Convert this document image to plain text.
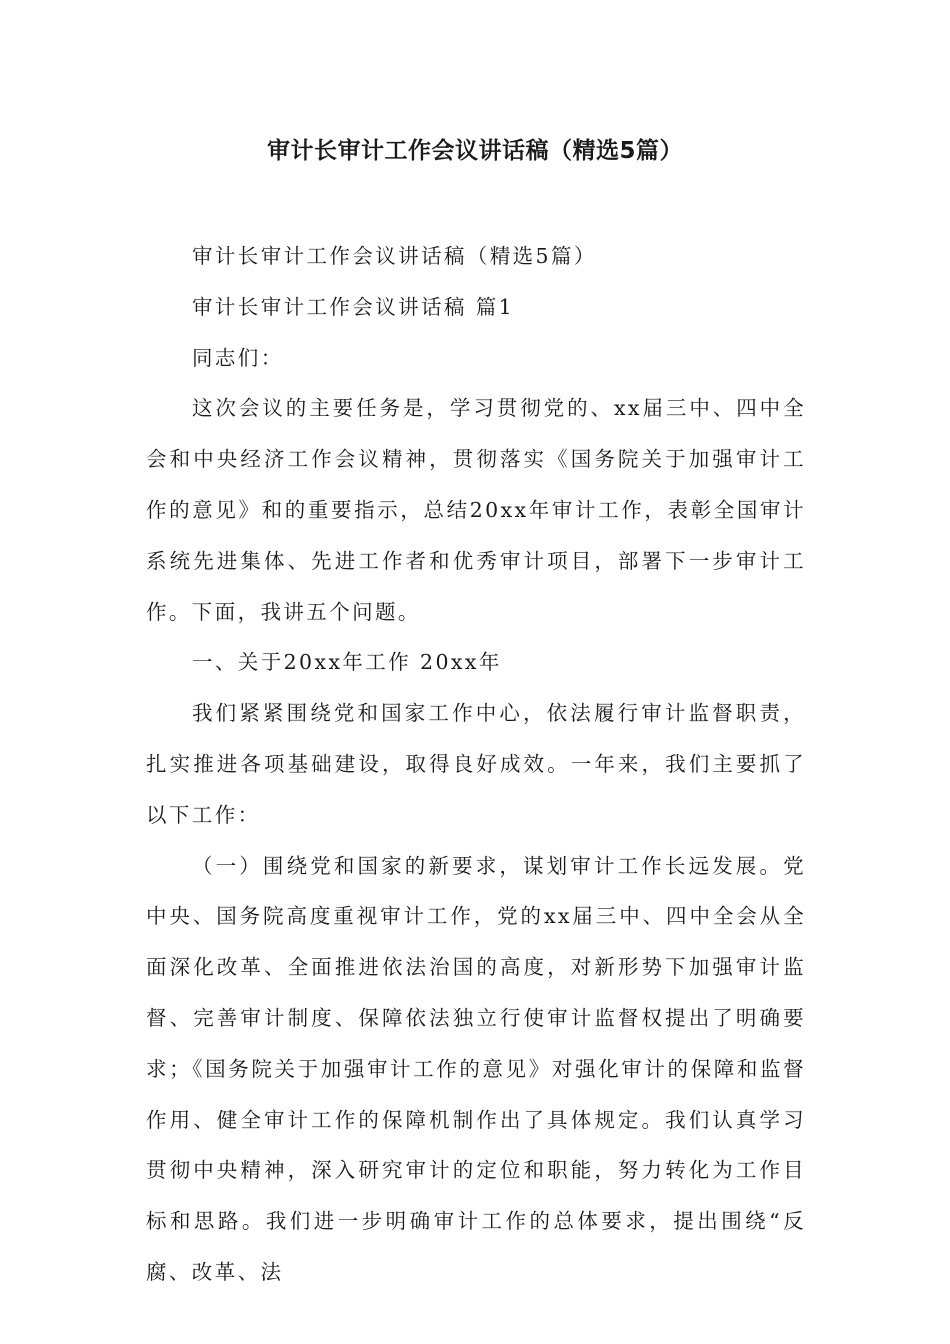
审计长审计工作会议讲话稿（精选5篇）

审计长审计工作会议讲话稿（精选5篇）

审计长审计工作会议讲话稿 篇1

同志们：

这次会议的主要任务是，学习贯彻党的、xx届三中、四中全会和中央经济工作会议精神，贯彻落实《国务院关于加强审计工作的意见》和的重要指示，总结20xx年审计工作，表彰全国审计系统先进集体、先进工作者和优秀审计项目，部署下一步审计工作。下面，我讲五个问题。

一、关于20xx年工作 20xx年

我们紧紧围绕党和国家工作中心，依法履行审计监督职责，扎实推进各项基础建设，取得良好成效。一年来，我们主要抓了以下工作：

（一）围绕党和国家的新要求，谋划审计工作长远发展。党中央、国务院高度重视审计工作，党的xx届三中、四中全会从全面深化改革、全面推进依法治国的高度，对新形势下加强审计监督、完善审计制度、保障依法独立行使审计监督权提出了明确要求；《国务院关于加强审计工作的意见》对强化审计的保障和监督作用、健全审计工作的保障机制作出了具体规定。我们认真学习贯彻中央精神，深入研究审计的定位和职能，努力转化为工作目标和思路。我们进一步明确审计工作的总体要求，提出围绕“反腐、改革、法
